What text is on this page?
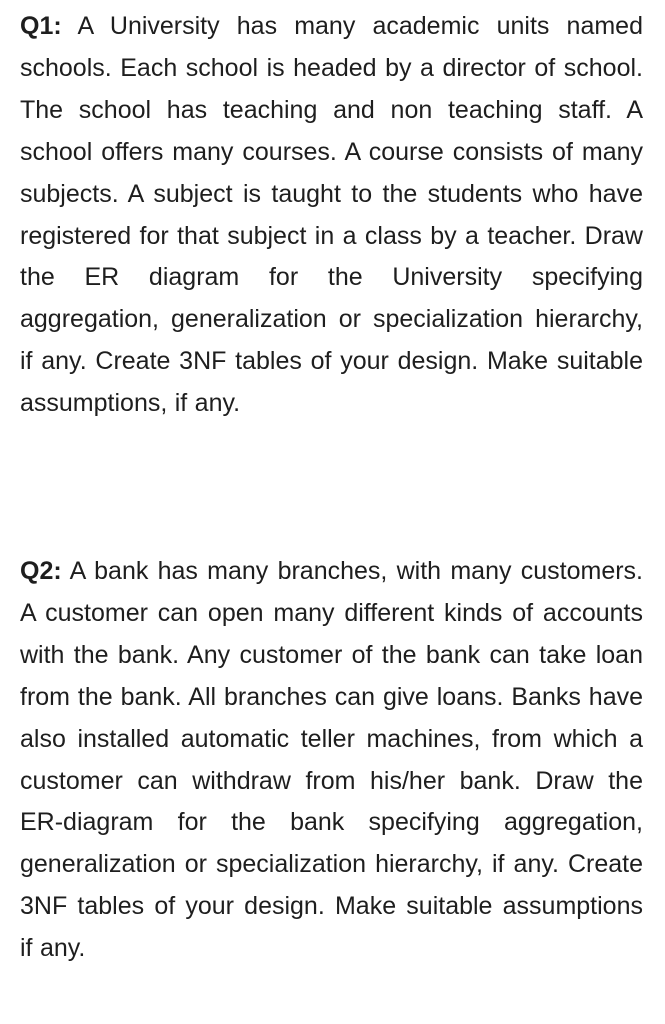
Q1: A University has many academic units named schools. Each school is headed by a director of school. The school has teaching and non teaching staff. A school offers many courses. A course consists of many subjects. A subject is taught to the students who have registered for that subject in a class by a teacher. Draw the ER diagram for the University specifying aggregation, generalization or specialization hierarchy, if any. Create 3NF tables of your design. Make suitable assumptions, if any.

Q2: A bank has many branches, with many customers. A customer can open many different kinds of accounts with the bank. Any customer of the bank can take loan from the bank. All branches can give loans. Banks have also installed automatic teller machines, from which a customer can withdraw from his/her bank. Draw the ER-diagram for the bank specifying aggregation, generalization or specialization hierarchy, if any. Create 3NF tables of your design. Make suitable assumptions if any.
